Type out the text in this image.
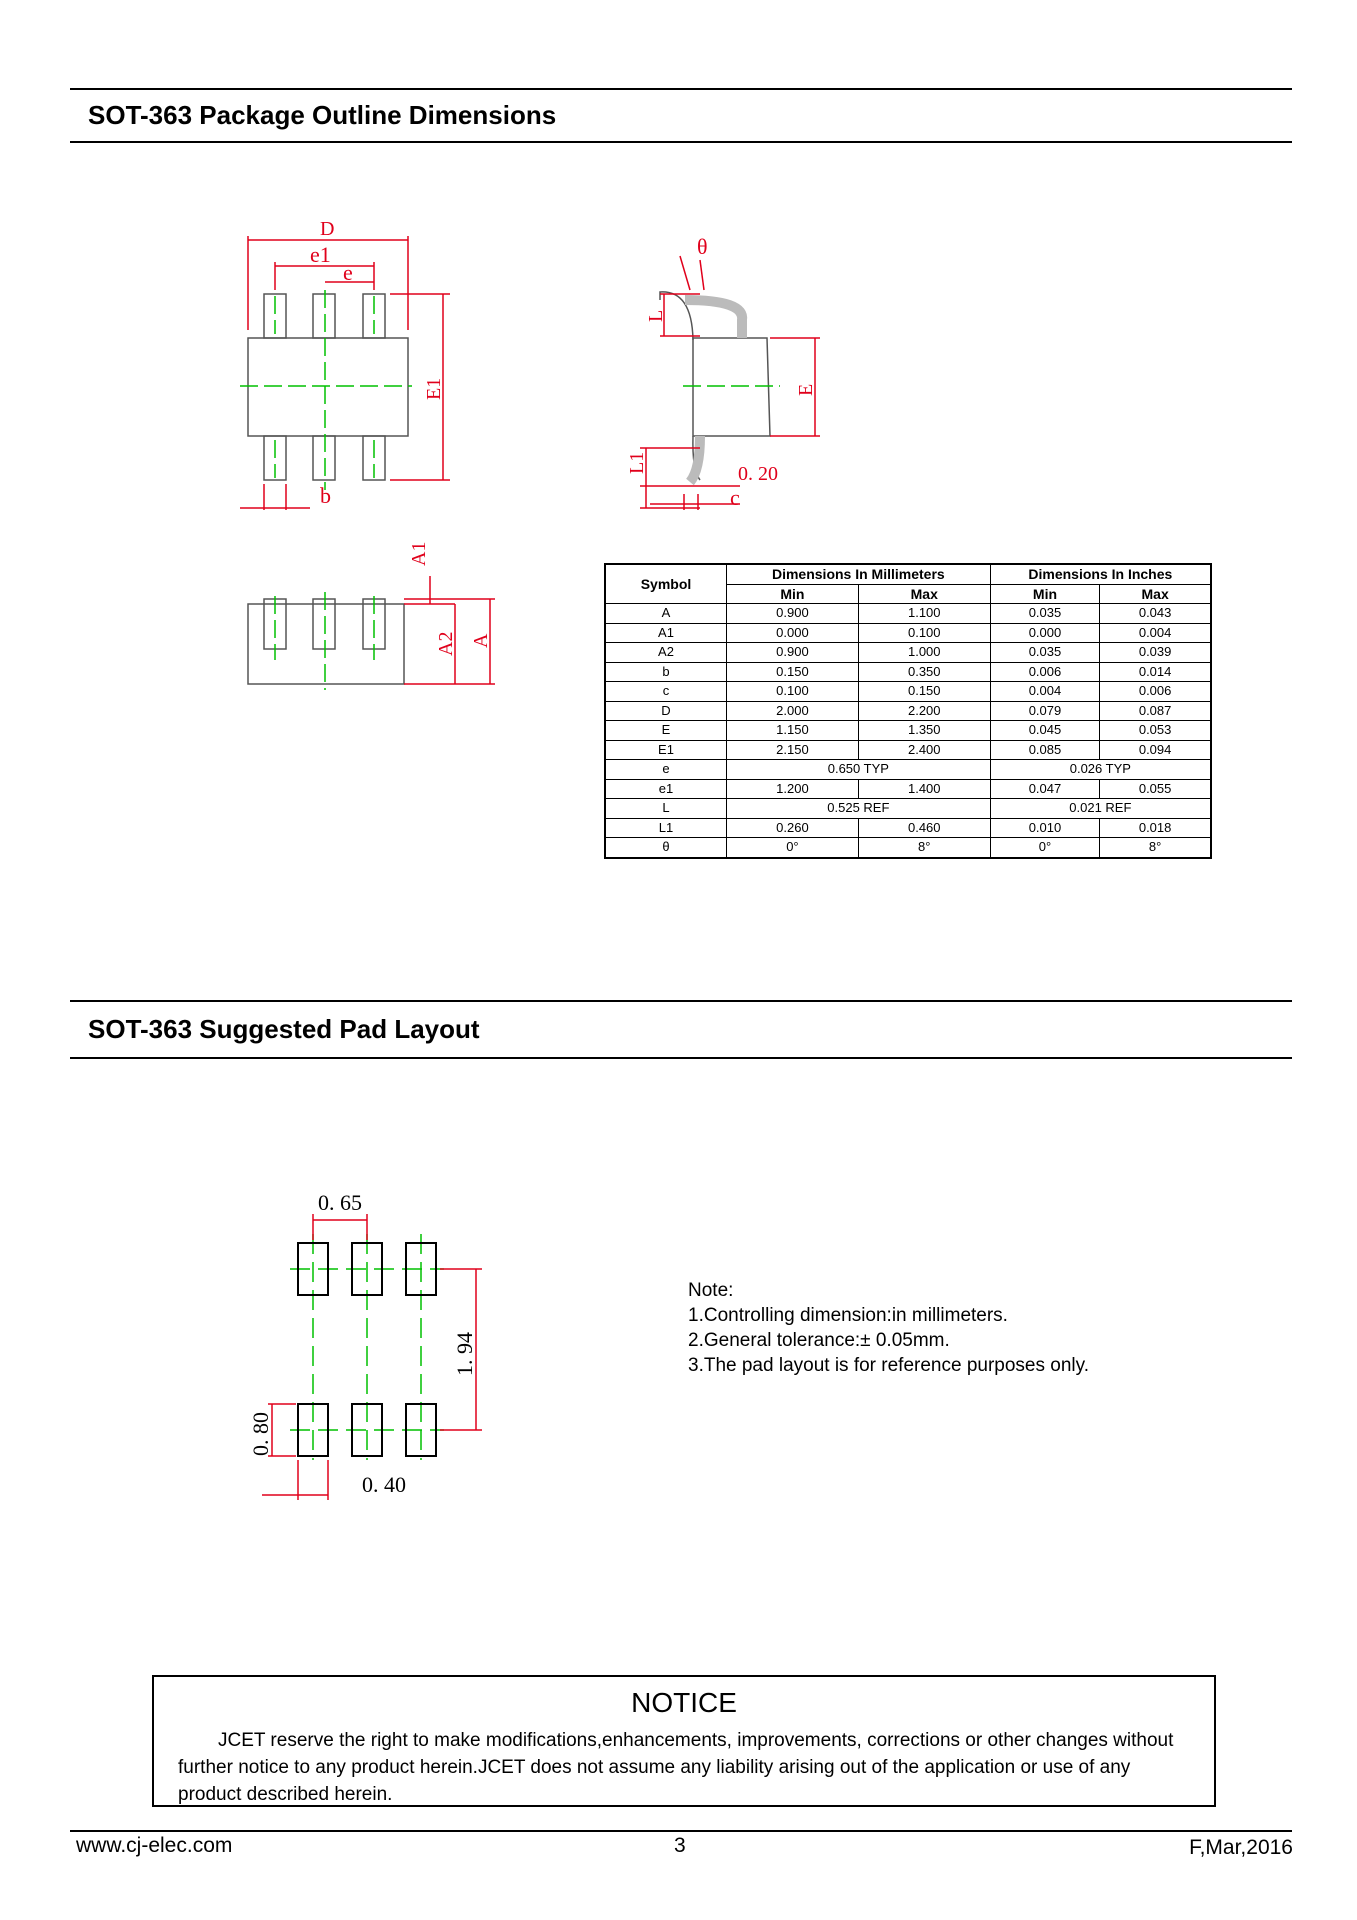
SOT-363 Package Outline Dimensions
D
e1
e
b
θ
0. 20
c
E1	E
L
L1
A1
A2 A
Symbol	Dimensions In Millimeters		Dimensions In Inches	
	Min	Max	Min	Max
A	0.900	1.100	0.035	0.043
A1	0.000	0.100	0.000	0.004
A2	0.900	1.000	0.035	0.039
b	0.150	0.350	0.006	0.014
c	0.100	0.150	0.004	0.006
D	2.000	2.200	0.079	0.087
E	1.150	1.350	0.045	0.053
E1	2.150	2.400	0.085	0.094
e	0.650 TYP		0.026 TYP	
e1	1.200	1.400	0.047	0.055
L	0.525 REF		0.021 REF	
L1	0.260	0.460	0.010	0.018
θ	0°	8°	0°	8°
SOT-363 Suggested Pad Layout
0. 65
0. 40
1. 94
0. 80
Note:
1.Controlling dimension:in millimeters.
2.General tolerance:± 0.05mm.
3.The pad layout is for reference purposes only.
NOTICE
JCET reserve the right to make modifications,enhancements, improvements, corrections or other changes without further notice to any product herein.JCET does not assume any liability arising out of the application or use of any product described herein.
www.cj-elec.com	3	F,Mar,2016
